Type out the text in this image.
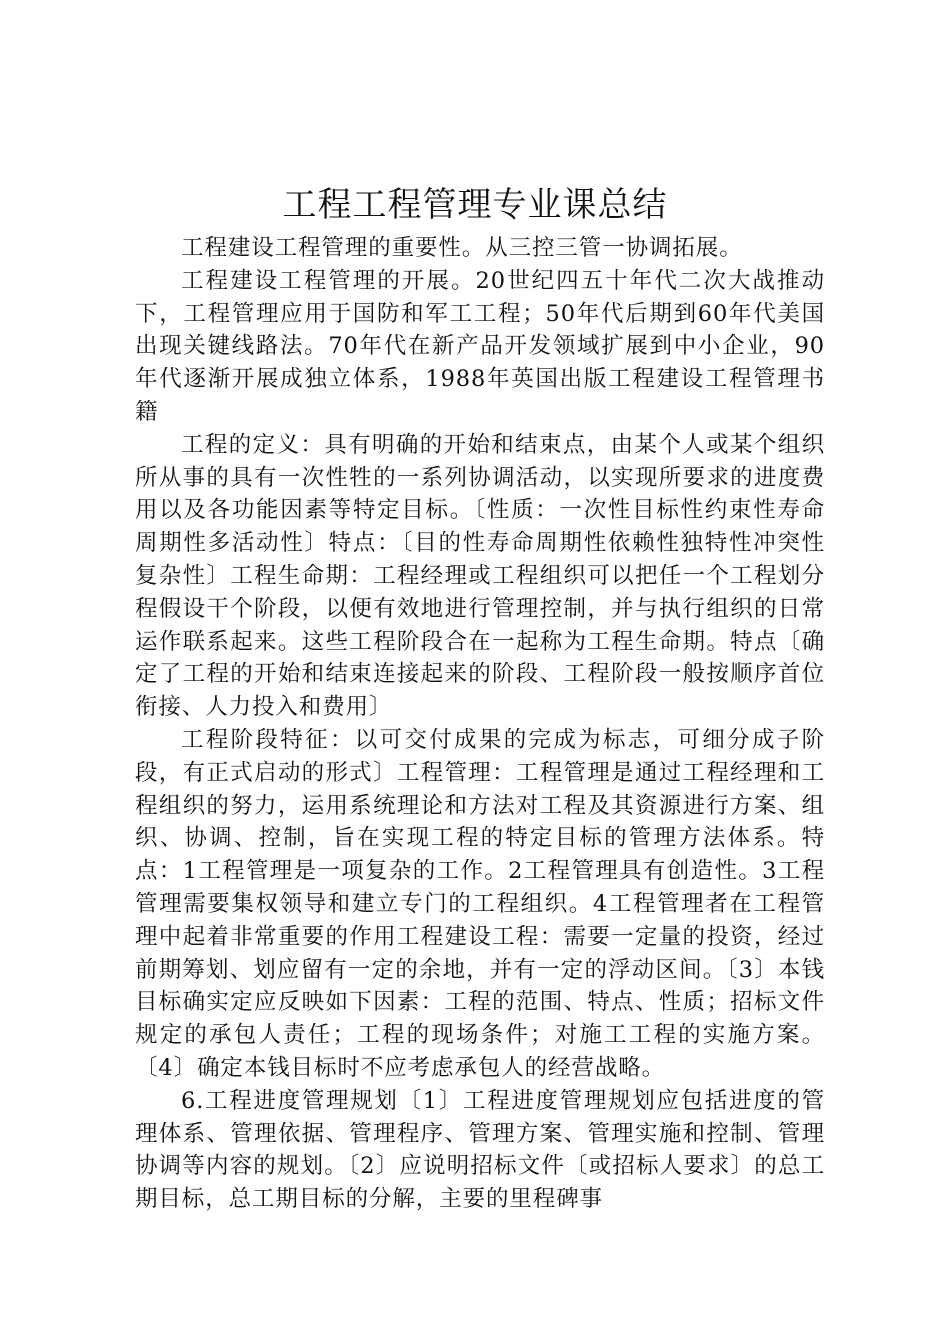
工程工程管理专业课总结

工程建设工程管理的重要性。从三控三管一协调拓展。

工程建设工程管理的开展。20世纪四五十年代二次大战推动下，工程管理应用于国防和军工工程；50年代后期到60年代美国出现关键线路法。70年代在新产品开发领域扩展到中小企业，90年代逐渐开展成独立体系，1988年英国出版工程建设工程管理书籍

工程的定义：具有明确的开始和结束点，由某个人或某个组织所从事的具有一次性牲的一系列协调活动，以实现所要求的进度费用以及各功能因素等特定目标。〔性质：一次性目标性约束性寿命周期性多活动性〕特点：〔目的性寿命周期性依赖性独特性冲突性复杂性〕工程生命期：工程经理或工程组织可以把任一个工程划分程假设干个阶段，以便有效地进行管理控制，并与执行组织的日常运作联系起来。这些工程阶段合在一起称为工程生命期。特点〔确定了工程的开始和结束连接起来的阶段、工程阶段一般按顺序首位衔接、人力投入和费用〕

工程阶段特征：以可交付成果的完成为标志，可细分成子阶段，有正式启动的形式〕工程管理：工程管理是通过工程经理和工程组织的努力，运用系统理论和方法对工程及其资源进行方案、组织、协调、控制，旨在实现工程的特定目标的管理方法体系。特点：1工程管理是一项复杂的工作。2工程管理具有创造性。3工程管理需要集权领导和建立专门的工程组织。4工程管理者在工程管理中起着非常重要的作用工程建设工程：需要一定量的投资，经过前期筹划、划应留有一定的余地，并有一定的浮动区间。〔3〕本钱目标确实定应反映如下因素：工程的范围、特点、性质；招标文件规定的承包人责任；工程的现场条件；对施工工程的实施方案。〔4〕确定本钱目标时不应考虑承包人的经营战略。

6.工程进度管理规划〔1〕工程进度管理规划应包括进度的管理体系、管理依据、管理程序、管理方案、管理实施和控制、管理协调等内容的规划。〔2〕应说明招标文件〔或招标人要求〕的总工期目标，总工期目标的分解，主要的里程碑事
